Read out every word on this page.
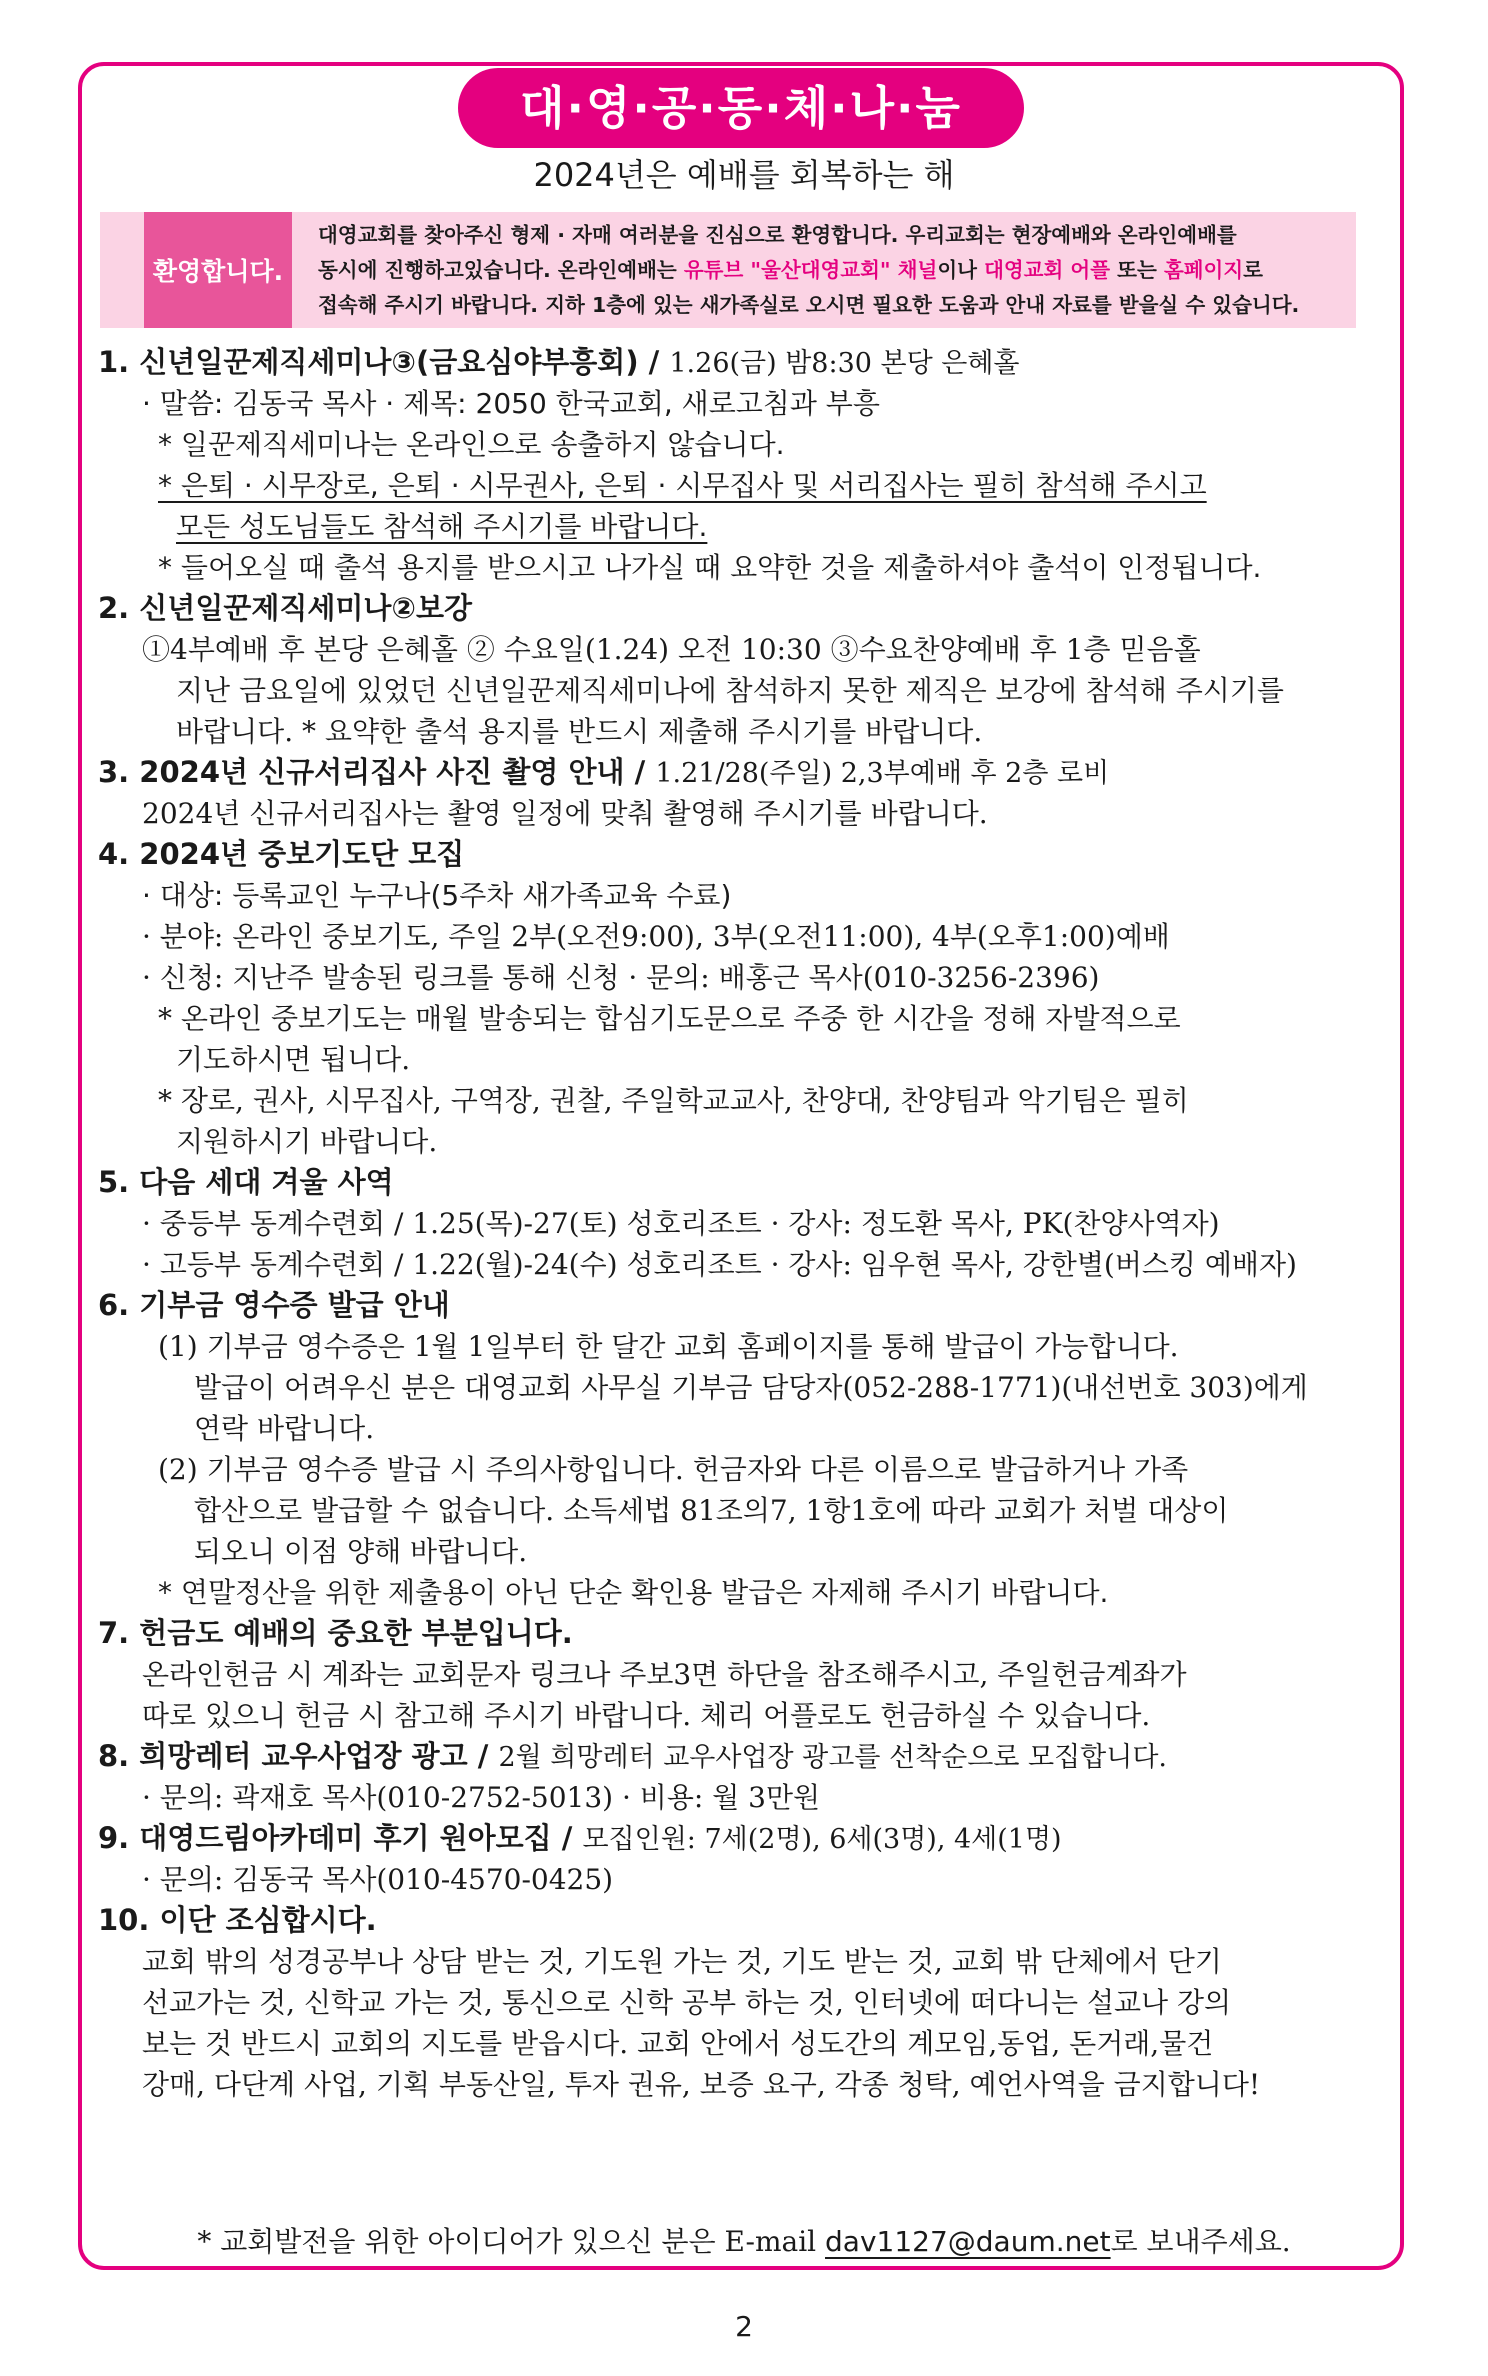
대·영·공·동·체·나·눔
2024년은 예배를 회복하는 해
환영합니다.
대영교회를 찾아주신 형제 · 자매 여러분을 진심으로 환영합니다. 우리교회는 현장예배와 온라인예배를
동시에 진행하고있습니다. 온라인예배는 유튜브 "울산대영교회" 채널이나 대영교회 어플 또는 홈페이지로
접속해 주시기 바랍니다. 지하 1층에 있는 새가족실로 오시면 필요한 도움과 안내 자료를 받을실 수 있습니다.
1. 신년일꾼제직세미나③(금요심야부흥회) / 1.26(금) 밤8:30 본당 은혜홀
· 말씀: 김동국 목사 · 제목: 2050 한국교회, 새로고침과 부흥
* 일꾼제직세미나는 온라인으로 송출하지 않습니다.
* 은퇴 · 시무장로, 은퇴 · 시무권사, 은퇴 · 시무집사 및 서리집사는 필히 참석해 주시고
모든 성도님들도 참석해 주시기를 바랍니다.
* 들어오실 때 출석 용지를 받으시고 나가실 때 요약한 것을 제출하셔야 출석이 인정됩니다.
2. 신년일꾼제직세미나②보강
①4부예배 후 본당 은혜홀 ② 수요일(1.24) 오전 10:30 ③수요찬양예배 후 1층 믿음홀
지난 금요일에 있었던 신년일꾼제직세미나에 참석하지 못한 제직은 보강에 참석해 주시기를
바랍니다. * 요약한 출석 용지를 반드시 제출해 주시기를 바랍니다.
3. 2024년 신규서리집사 사진 촬영 안내 / 1.21/28(주일) 2,3부예배 후 2층 로비
2024년 신규서리집사는 촬영 일정에 맞춰 촬영해 주시기를 바랍니다.
4. 2024년 중보기도단 모집
· 대상: 등록교인 누구나(5주차 새가족교육 수료)
· 분야: 온라인 중보기도, 주일 2부(오전9:00), 3부(오전11:00), 4부(오후1:00)예배
· 신청: 지난주 발송된 링크를 통해 신청 · 문의: 배홍근 목사(010-3256-2396)
* 온라인 중보기도는 매월 발송되는 합심기도문으로 주중 한 시간을 정해 자발적으로
기도하시면 됩니다.
* 장로, 권사, 시무집사, 구역장, 권찰, 주일학교교사, 찬양대, 찬양팀과 악기팀은 필히
지원하시기 바랍니다.
5. 다음 세대 겨울 사역
· 중등부 동계수련회 / 1.25(목)-27(토) 성호리조트 · 강사: 정도환 목사, PK(찬양사역자)
· 고등부 동계수련회 / 1.22(월)-24(수) 성호리조트 · 강사: 임우현 목사, 강한별(버스킹 예배자)
6. 기부금 영수증 발급 안내
(1) 기부금 영수증은 1월 1일부터 한 달간 교회 홈페이지를 통해 발급이 가능합니다.
발급이 어려우신 분은 대영교회 사무실 기부금 담당자(052-288-1771)(내선번호 303)에게
연락 바랍니다.
(2) 기부금 영수증 발급 시 주의사항입니다. 헌금자와 다른 이름으로 발급하거나 가족
합산으로 발급할 수 없습니다. 소득세법 81조의7, 1항1호에 따라 교회가 처벌 대상이
되오니 이점 양해 바랍니다.
* 연말정산을 위한 제출용이 아닌 단순 확인용 발급은 자제해 주시기 바랍니다.
7. 헌금도 예배의 중요한 부분입니다.
온라인헌금 시 계좌는 교회문자 링크나 주보3면 하단을 참조해주시고, 주일헌금계좌가
따로 있으니 헌금 시 참고해 주시기 바랍니다. 체리 어플로도 헌금하실 수 있습니다.
8. 희망레터 교우사업장 광고 / 2월 희망레터 교우사업장 광고를 선착순으로 모집합니다.
· 문의: 곽재호 목사(010-2752-5013) · 비용: 월 3만원
9. 대영드림아카데미 후기 원아모집 / 모집인원: 7세(2명), 6세(3명), 4세(1명)
· 문의: 김동국 목사(010-4570-0425)
10. 이단 조심합시다.
교회 밖의 성경공부나 상담 받는 것, 기도원 가는 것, 기도 받는 것, 교회 밖 단체에서 단기
선교가는 것, 신학교 가는 것, 통신으로 신학 공부 하는 것, 인터넷에 떠다니는 설교나 강의
보는 것 반드시 교회의 지도를 받읍시다. 교회 안에서 성도간의 계모임,동업, 돈거래,물건
강매, 다단계 사업, 기획 부동산일, 투자 권유, 보증 요구, 각종 청탁, 예언사역을 금지합니다!
* 교회발전을 위한 아이디어가 있으신 분은 E-mail dav1127@daum.net로 보내주세요.
2
